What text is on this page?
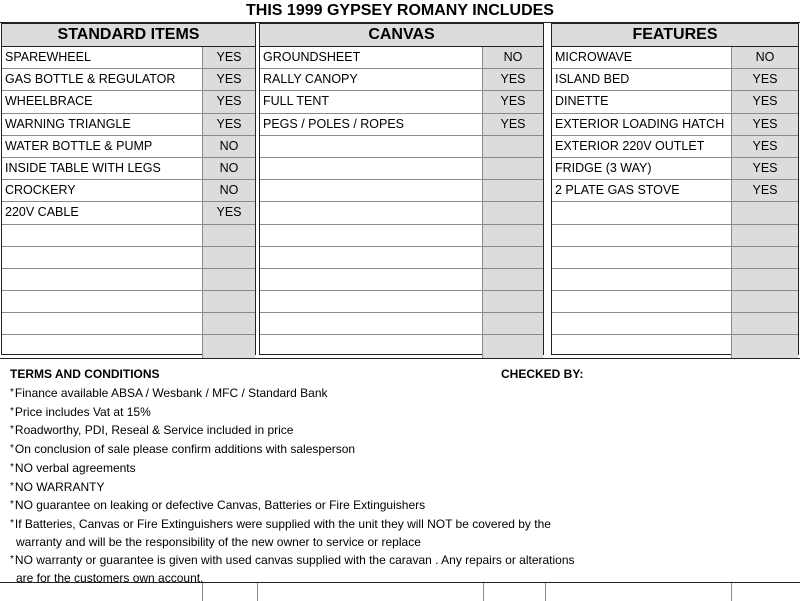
THIS 1999 GYPSEY ROMANY INCLUDES
STANDARD ITEMS
SPAREWHEEL	YES
GAS BOTTLE & REGULATOR	YES
WHEELBRACE	YES
WARNING TRIANGLE	YES
WATER BOTTLE & PUMP	NO
INSIDE TABLE WITH LEGS	NO
CROCKERY	NO
220V CABLE	YES
CANVAS
GROUNDSHEET	NO
RALLY CANOPY	YES
FULL TENT	YES
PEGS / POLES / ROPES	YES
FEATURES
MICROWAVE	NO
ISLAND BED	YES
DINETTE	YES
EXTERIOR LOADING HATCH	YES
EXTERIOR 220V OUTLET	YES
FRIDGE (3 WAY)	YES
2 PLATE GAS STOVE	YES
TERMS AND CONDITIONS	CHECKED BY:
*Finance available ABSA / Wesbank / MFC / Standard Bank
*Price includes Vat at 15%
*Roadworthy, PDI, Reseal & Service included in price
*On conclusion of sale please confirm additions with salesperson
*NO verbal agreements
*NO WARRANTY
*NO guarantee on leaking or defective Canvas, Batteries or Fire Extinguishers
*If Batteries, Canvas or Fire Extinguishers were supplied with the unit they will NOT be covered by the warranty and will be the responsibility of the new owner to service or replace
*NO warranty or guarantee is given with used canvas supplied with the caravan . Any repairs or alterations are for the customers own account.
